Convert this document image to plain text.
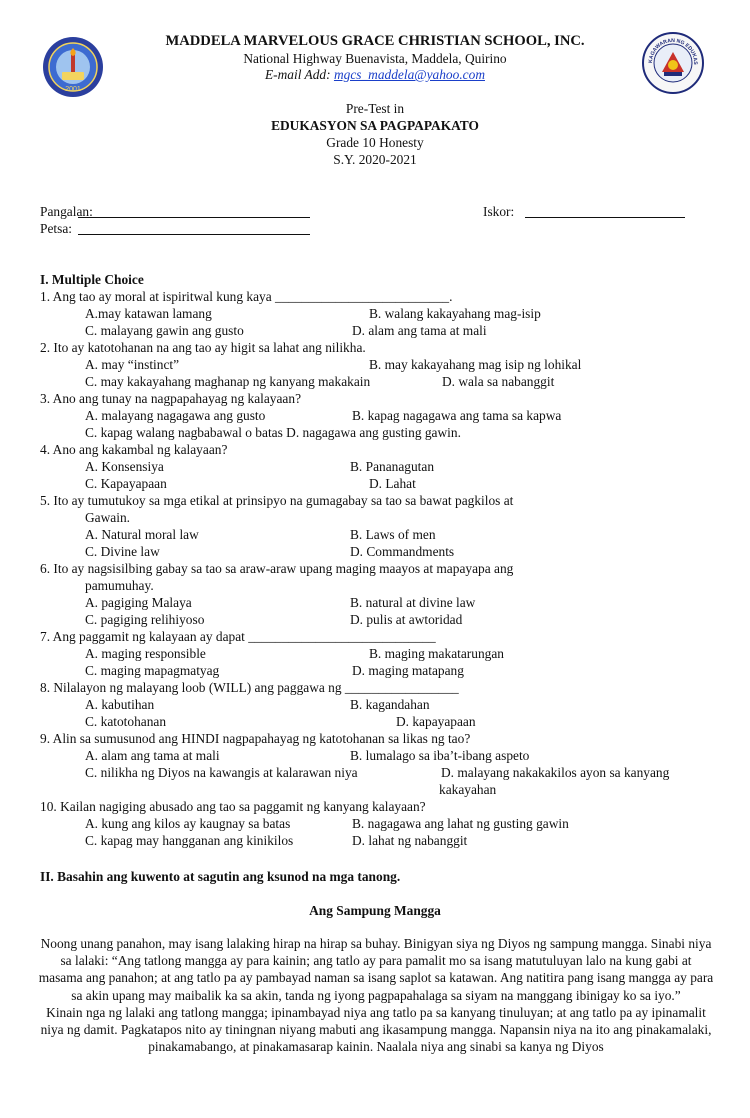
2001
KAGAWARAN NG EDUKAS
MADDELA MARVELOUS GRACE CHRISTIAN SCHOOL, INC.
National Highway Buenavista, Maddela, Quirino
E-mail Add: mgcs_maddela@yahoo.com
Pre-Test in
EDUKASYON SA PAGPAPAKATO
Grade 10 Honesty
S.Y. 2020-2021
Pangalan:
Petsa:
Iskor:
I. Multiple Choice
1. Ang tao ay moral at ispiritwal kung kaya __________________________.
A.may katawan lamang	B. walang kakayahang mag-isip
C. malayang gawin ang gusto	D. alam ang tama at mali
2. Ito ay katotohanan na ang tao ay higit sa lahat ang nilikha.
A. may “instinct”	B. may kakayahang mag isip ng lohikal
C. may kakayahang maghanap ng kanyang makakain	D. wala sa nabanggit
3. Ano ang tunay na nagpapahayag ng kalayaan?
A. malayang nagagawa ang gusto	B. kapag nagagawa ang tama sa kapwa
C. kapag walang nagbabawal o batas D. nagagawa ang gusting gawin.
4. Ano ang kakambal ng kalayaan?
A. Konsensiya	B. Pananagutan
C. Kapayapaan	D. Lahat
5. Ito ay tumutukoy sa mga etikal at prinsipyo na gumagabay sa tao sa bawat pagkilos at
Gawain.
A. Natural moral law	B. Laws of men
C. Divine law	D. Commandments
6. Ito ay nagsisilbing gabay sa tao sa araw-araw upang maging maayos at mapayapa ang
pamumuhay.
A. pagiging Malaya	B. natural at divine law
C. pagiging relihiyoso	D. pulis at awtoridad
7. Ang paggamit ng kalayaan ay dapat ____________________________
A. maging responsible	B. maging makatarungan
C. maging mapagmatyag	D. maging matapang
8. Nilalayon ng malayang loob (WILL) ang paggawa ng _________________
A. kabutihan	B. kagandahan
C. katotohanan	D. kapayapaan
9. Alin sa sumusunod ang HINDI nagpapahayag ng katotohanan sa likas ng tao?
A. alam ang tama at mali	B. lumalago sa iba’t-ibang aspeto
C. nilikha ng Diyos na kawangis at kalarawan niya	D. malayang nakakakilos ayon sa kanyang
kakayahan
10. Kailan nagiging abusado ang tao sa paggamit ng kanyang kalayaan?
A. kung ang kilos ay kaugnay sa batas	B. nagagawa ang lahat ng gusting gawin
C. kapag may hangganan ang kinikilos	D. lahat ng nabanggit
II. Basahin ang kuwento at sagutin ang ksunod na mga tanong.
Ang Sampung Mangga

Noong unang panahon, may isang lalaking hirap na hirap sa buhay. Binigyan siya ng Diyos ng sampung mangga. Sinabi niya sa lalaki: “Ang tatlong mangga ay para kainin; ang tatlo ay para pamalit mo sa isang matutuluyan lalo na kung gabi at masama ang panahon; at ang tatlo pa ay pambayad naman sa isang saplot sa katawan. Ang natitira pang isang mangga ay para sa akin upang may maibalik ka sa akin, tanda ng iyong pagpapahalaga sa siyam na manggang ibinigay ko sa iyo.”

Kinain nga ng lalaki ang tatlong mangga; ipinambayad niya ang tatlo pa sa kanyang tinuluyan; at ang tatlo pa ay ipinamalit niya ng damit. Pagkatapos nito ay tiningnan niyang mabuti ang ikasampung mangga. Napansin niya na ito ang pinakamalaki, pinakamabango, at pinakamasarap kainin. Naalala niya ang sinabi sa kanya ng Diyos
